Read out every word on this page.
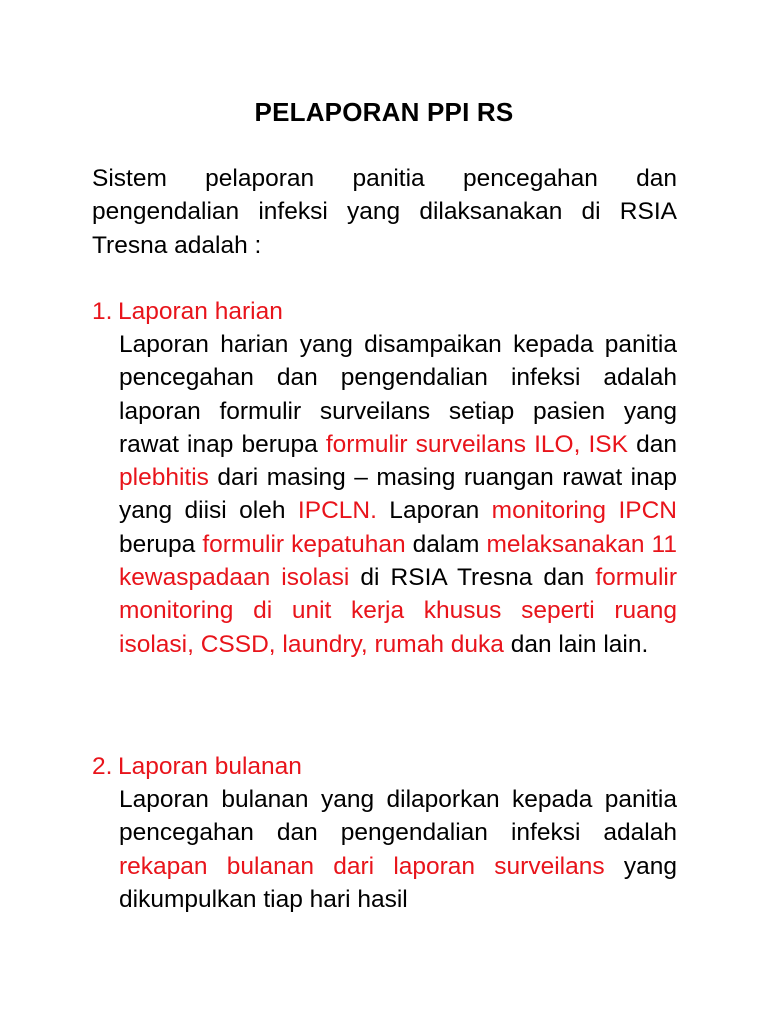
PELAPORAN PPI RS
Sistem pelaporan panitia pencegahan dan pengendalian infeksi yang dilaksanakan di RSIA Tresna adalah :
1. Laporan harian
Laporan harian yang disampaikan kepada panitia pencegahan dan pengendalian infeksi adalah laporan formulir surveilans setiap pasien yang rawat inap berupa formulir surveilans ILO, ISK dan plebhitis dari masing – masing ruangan rawat inap yang diisi oleh IPCLN. Laporan monitoring IPCN berupa formulir kepatuhan dalam melaksanakan 11 kewaspadaan isolasi di RSIA Tresna dan formulir monitoring di unit kerja khusus seperti ruang isolasi, CSSD, laundry, rumah duka dan lain lain.
2. Laporan bulanan
Laporan bulanan yang dilaporkan kepada panitia pencegahan dan pengendalian infeksi adalah rekapan bulanan dari laporan surveilans yang dikumpulkan tiap hari hasil
